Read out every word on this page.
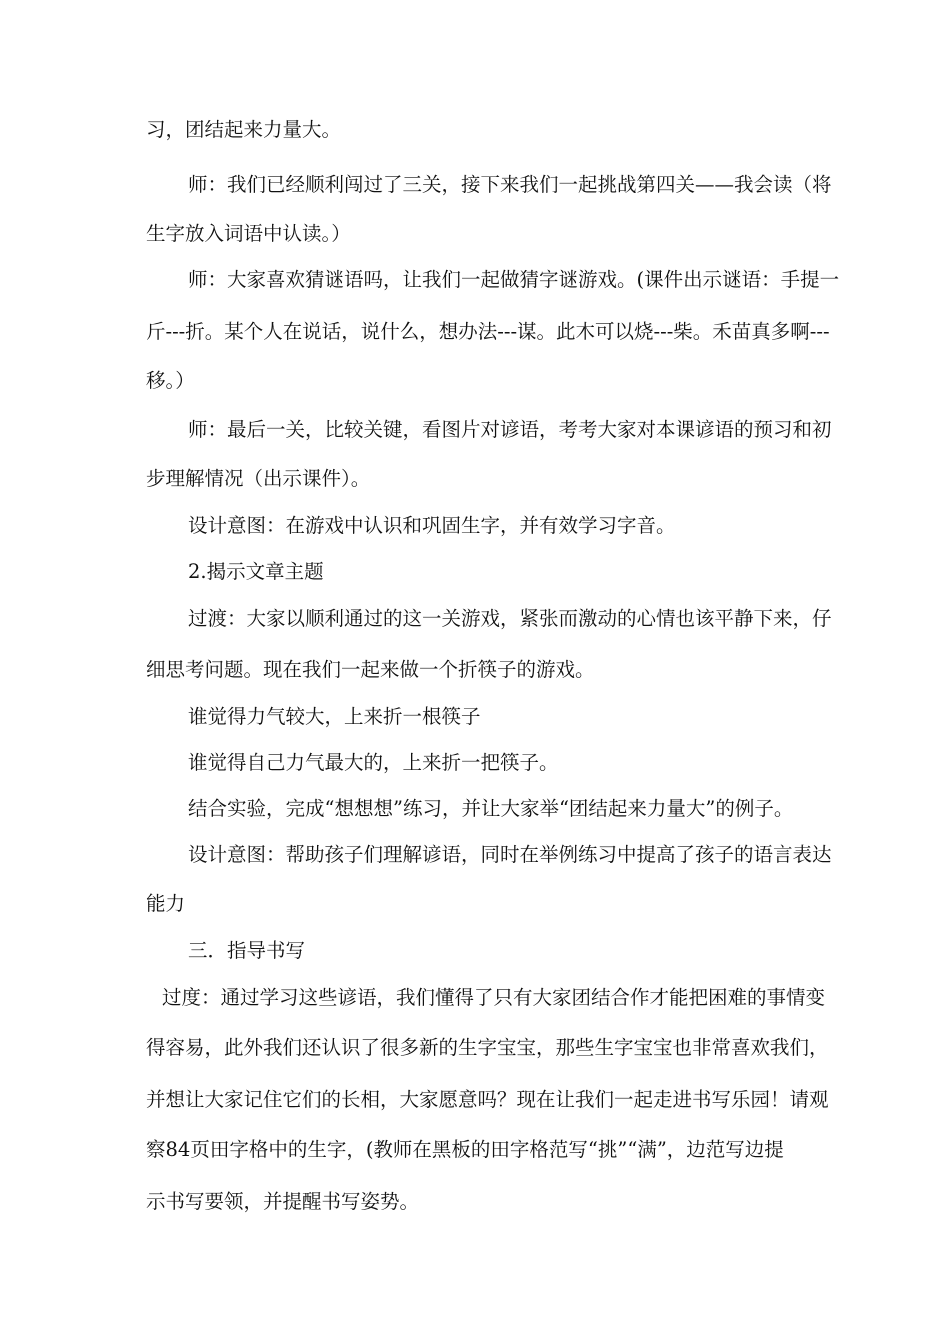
习，团结起来力量大。
师：我们已经顺利闯过了三关，接下来我们一起挑战第四关——我会读（将
生字放入词语中认读。）
师：大家喜欢猜谜语吗，让我们一起做猜字谜游戏。(课件出示谜语：手提一
斤---折。某个人在说话，说什么，想办法---谋。此木可以烧---柴。禾苗真多啊---
移。）
师：最后一关，比较关键，看图片对谚语，考考大家对本课谚语的预习和初
步理解情况（出示课件）。
设计意图：在游戏中认识和巩固生字，并有效学习字音。
2.揭示文章主题
过渡：大家以顺利通过的这一关游戏，紧张而激动的心情也该平静下来，仔
细思考问题。现在我们一起来做一个折筷子的游戏。
谁觉得力气较大，上来折一根筷子
谁觉得自己力气最大的，上来折一把筷子。
结合实验，完成“想想想”练习，并让大家举“团结起来力量大”的例子。
设计意图：帮助孩子们理解谚语，同时在举例练习中提高了孩子的语言表达
能力
三．指导书写
过度：通过学习这些谚语，我们懂得了只有大家团结合作才能把困难的事情变
得容易，此外我们还认识了很多新的生字宝宝，那些生字宝宝也非常喜欢我们，
并想让大家记住它们的长相，大家愿意吗？现在让我们一起走进书写乐园！请观
察84页田字格中的生字，(教师在黑板的田字格范写“挑”“满”，边范写边提
示书写要领，并提醒书写姿势。
